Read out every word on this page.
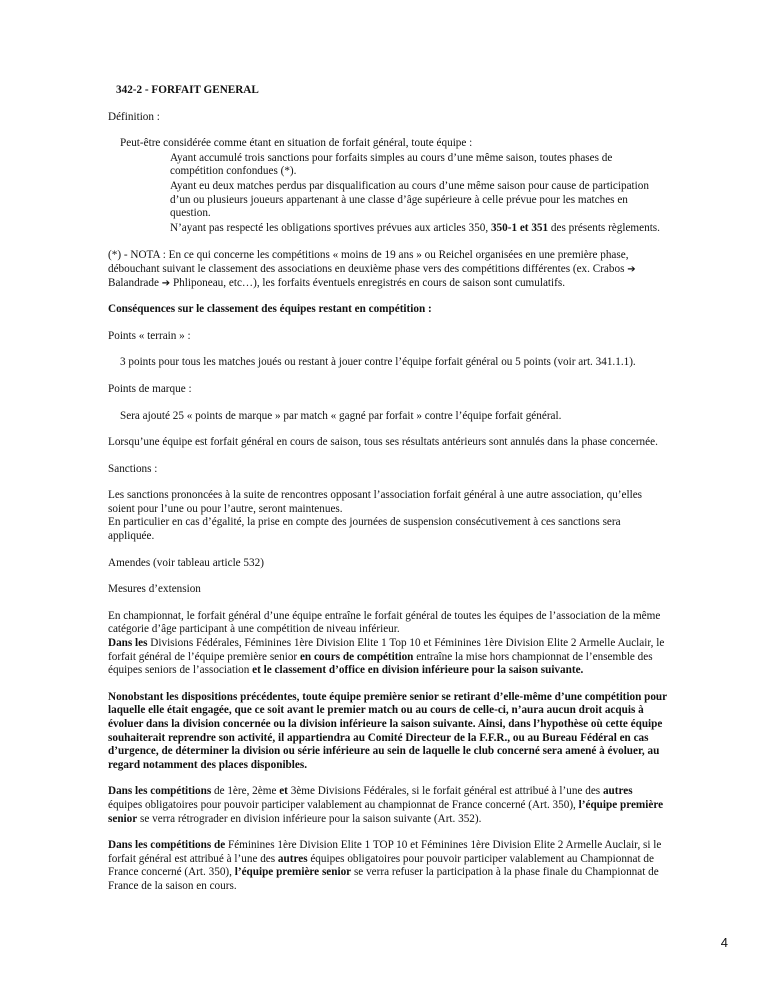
342-2 - FORFAIT GENERAL
Définition :
Peut-être considérée comme étant en situation de forfait général, toute équipe :

Ayant accumulé trois sanctions pour forfaits simples au cours d’une même saison, toutes phases de compétition confondues (*).

Ayant eu deux matches perdus par disqualification au cours d’une même saison pour cause de participation d’un ou plusieurs joueurs appartenant à une classe d’âge supérieure à celle prévue pour les matches en question.

N’ayant pas respecté les obligations sportives prévues aux articles 350, 350-1 et 351 des présents règlements.

(*) - NOTA : En ce qui concerne les compétitions « moins de 19 ans » ou Reichel organisées en une première phase, débouchant suivant le classement des associations en deuxième phase vers des compétitions différentes (ex. Crabos ➔ Balandrade ➔ Phliponeau, etc…), les forfaits éventuels enregistrés en cours de saison sont cumulatifs.

Conséquences sur le classement des équipes restant en compétition :

Points « terrain » :

3 points pour tous les matches joués ou restant à jouer contre l’équipe forfait général ou 5 points (voir art. 341.1.1).

Points de marque :

Sera ajouté 25 « points de marque » par match « gagné par forfait » contre l’équipe forfait général.

Lorsqu’une équipe est forfait général en cours de saison, tous ses résultats antérieurs sont annulés dans la phase concernée.

Sanctions :

Les sanctions prononcées à la suite de rencontres opposant l’association forfait général à une autre association, qu’elles soient pour l’une ou pour l’autre, seront maintenues.
En particulier en cas d’égalité, la prise en compte des journées de suspension consécutivement à ces sanctions sera appliquée.

Amendes (voir tableau article 532)

Mesures d’extension

En championnat, le forfait général d’une équipe entraîne le forfait général de toutes les équipes de l’association de la même catégorie d’âge participant à une compétition de niveau inférieur.
Dans les Divisions Fédérales, Féminines 1ère Division Elite 1 Top 10 et Féminines 1ère Division Elite 2 Armelle Auclair, le forfait général de l’équipe première senior en cours de compétition entraîne la mise hors championnat de l’ensemble des équipes seniors de l’association et le classement d’office en division inférieure pour la saison suivante.

Nonobstant les dispositions précédentes, toute équipe première senior se retirant d’elle-même d’une compétition pour laquelle elle était engagée, que ce soit avant le premier match ou au cours de celle-ci, n’aura aucun droit acquis à évoluer dans la division concernée ou la division inférieure la saison suivante. Ainsi, dans l’hypothèse où cette équipe souhaiterait reprendre son activité, il appartiendra au Comité Directeur de la F.F.R., ou au Bureau Fédéral en cas d’urgence, de déterminer la division ou série inférieure au sein de laquelle le club concerné sera amené à évoluer, au regard notamment des places disponibles.

Dans les compétitions de 1ère, 2ème et 3ème Divisions Fédérales, si le forfait général est attribué à l’une des autres équipes obligatoires pour pouvoir participer valablement au championnat de France concerné (Art. 350), l’équipe première senior se verra rétrograder en division inférieure pour la saison suivante (Art. 352).

Dans les compétitions de Féminines 1ère Division Elite 1 TOP 10 et Féminines 1ère Division Elite 2 Armelle Auclair, si le forfait général est attribué à l’une des autres équipes obligatoires pour pouvoir participer valablement au Championnat de France concerné (Art. 350), l’équipe première senior se verra refuser la participation à la phase finale du Championnat de France de la saison en cours.

4
